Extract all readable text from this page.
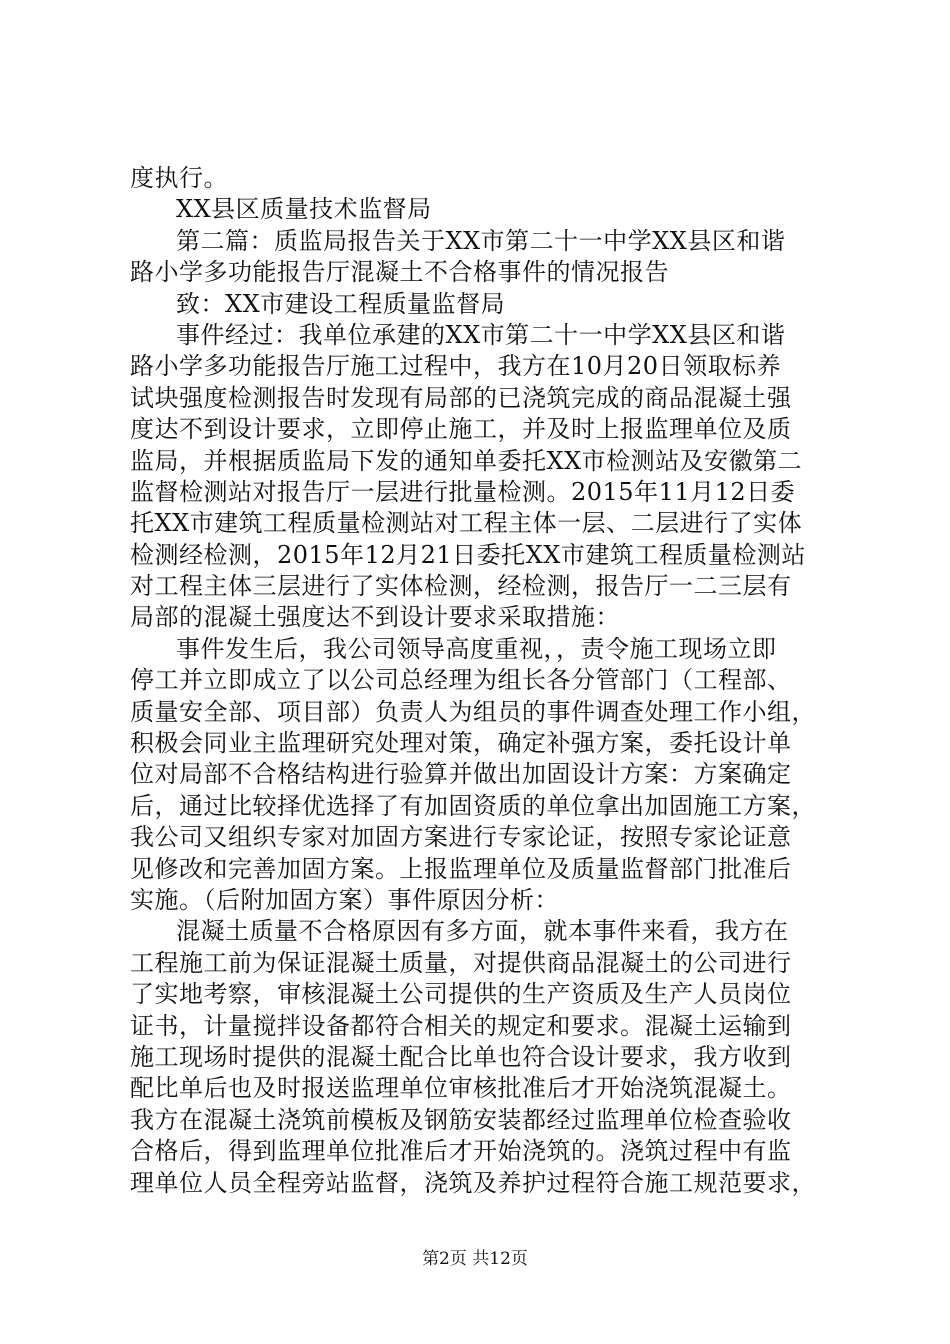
度执行。
XX县区质量技术监督局
第二篇：质监局报告关于XX市第二十一中学XX县区和谐
路小学多功能报告厅混凝土不合格事件的情况报告
致：XX市建设工程质量监督局
事件经过：我单位承建的XX市第二十一中学XX县区和谐
路小学多功能报告厅施工过程中，我方在10月20日领取标养
试块强度检测报告时发现有局部的已浇筑完成的商品混凝土强
度达不到设计要求，立即停止施工，并及时上报监理单位及质
监局，并根据质监局下发的通知单委托XX市检测站及安徽第二
监督检测站对报告厅一层进行批量检测。2015年11月12日委
托XX市建筑工程质量检测站对工程主体一层、二层进行了实体
检测经检测，2015年12月21日委托XX市建筑工程质量检测站
对工程主体三层进行了实体检测，经检测，报告厅一二三层有
局部的混凝土强度达不到设计要求采取措施：
事件发生后，我公司领导高度重视，，责令施工现场立即
停工并立即成立了以公司总经理为组长各分管部门（工程部、
质量安全部、项目部）负责人为组员的事件调查处理工作小组，
积极会同业主监理研究处理对策，确定补强方案，委托设计单
位对局部不合格结构进行验算并做出加固设计方案：方案确定
后，通过比较择优选择了有加固资质的单位拿出加固施工方案，
我公司又组织专家对加固方案进行专家论证，按照专家论证意
见修改和完善加固方案。上报监理单位及质量监督部门批准后
实施。（后附加固方案）事件原因分析：
混凝土质量不合格原因有多方面，就本事件来看，我方在
工程施工前为保证混凝土质量，对提供商品混凝土的公司进行
了实地考察，审核混凝土公司提供的生产资质及生产人员岗位
证书，计量搅拌设备都符合相关的规定和要求。混凝土运输到
施工现场时提供的混凝土配合比单也符合设计要求，我方收到
配比单后也及时报送监理单位审核批准后才开始浇筑混凝土。
我方在混凝土浇筑前模板及钢筋安装都经过监理单位检查验收
合格后，得到监理单位批准后才开始浇筑的。浇筑过程中有监
理单位人员全程旁站监督，浇筑及养护过程符合施工规范要求，
第2页 共12页
